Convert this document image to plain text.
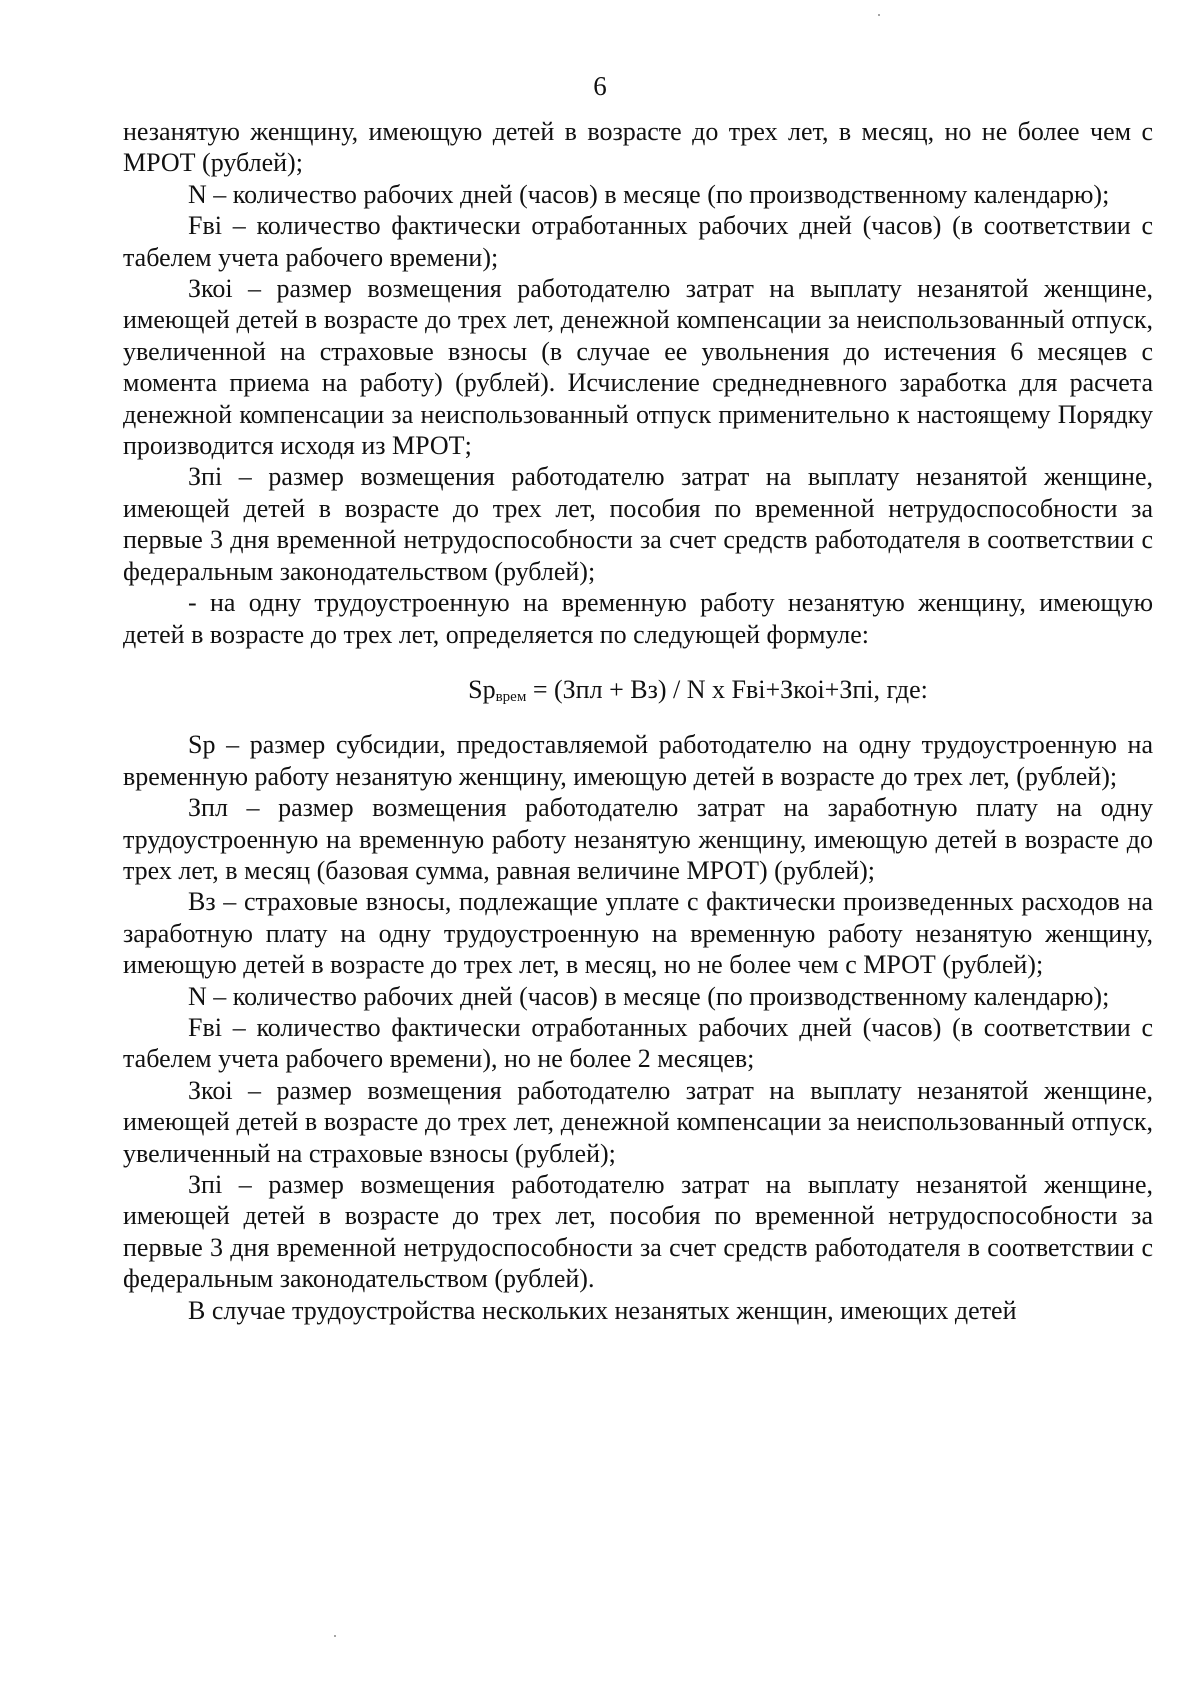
6

незанятую женщину, имеющую детей в возрасте до трех лет, в месяц, но не более чем с МРОТ (рублей);

N – количество рабочих дней (часов) в месяце (по производственному календарю);

Fвi – количество фактически отработанных рабочих дней (часов) (в соответствии с табелем учета рабочего времени);

Зкоi – размер возмещения работодателю затрат на выплату незанятой женщине, имеющей детей в возрасте до трех лет, денежной компенсации за неиспользованный отпуск, увеличенной на страховые взносы (в случае ее увольнения до истечения 6 месяцев с момента приема на работу) (рублей). Исчисление среднедневного заработка для расчета денежной компенсации за неиспользованный отпуск применительно к настоящему Порядку производится исходя из МРОТ;

Зпi – размер возмещения работодателю затрат на выплату незанятой женщине, имеющей детей в возрасте до трех лет, пособия по временной нетрудоспособности за первые 3 дня временной нетрудоспособности за счет средств работодателя в соответствии с федеральным законодательством (рублей);

- на одну трудоустроенную на временную работу незанятую женщину, имеющую детей в возрасте до трех лет, определяется по следующей формуле:

$Sp_{врем} = (Зпл + Вз) / N$ x Fвi+Зкоi+Зпi, где:

Sp – размер субсидии, предоставляемой работодателю на одну трудоустроенную на временную работу незанятую женщину, имеющую детей в возрасте до трех лет, (рублей);

Зпл – размер возмещения работодателю затрат на заработную плату на одну трудоустроенную на временную работу незанятую женщину, имеющую детей в возрасте до трех лет, в месяц (базовая сумма, равная величине МРОТ) (рублей);

Вз – страховые взносы, подлежащие уплате с фактически произведенных расходов на заработную плату на одну трудоустроенную на временную работу незанятую женщину, имеющую детей в возрасте до трех лет, в месяц, но не более чем с МРОТ (рублей);

N – количество рабочих дней (часов) в месяце (по производственному календарю);

Fвi – количество фактически отработанных рабочих дней (часов) (в соответствии с табелем учета рабочего времени), но не более 2 месяцев;

Зкоi – размер возмещения работодателю затрат на выплату незанятой женщине, имеющей детей в возрасте до трех лет, денежной компенсации за неиспользованный отпуск, увеличенный на страховые взносы (рублей);

Зпi – размер возмещения работодателю затрат на выплату незанятой женщине, имеющей детей в возрасте до трех лет, пособия по временной нетрудоспособности за первые 3 дня временной нетрудоспособности за счет средств работодателя в соответствии с федеральным законодательством (рублей).

В случае трудоустройства нескольких незанятых женщин, имеющих детей
